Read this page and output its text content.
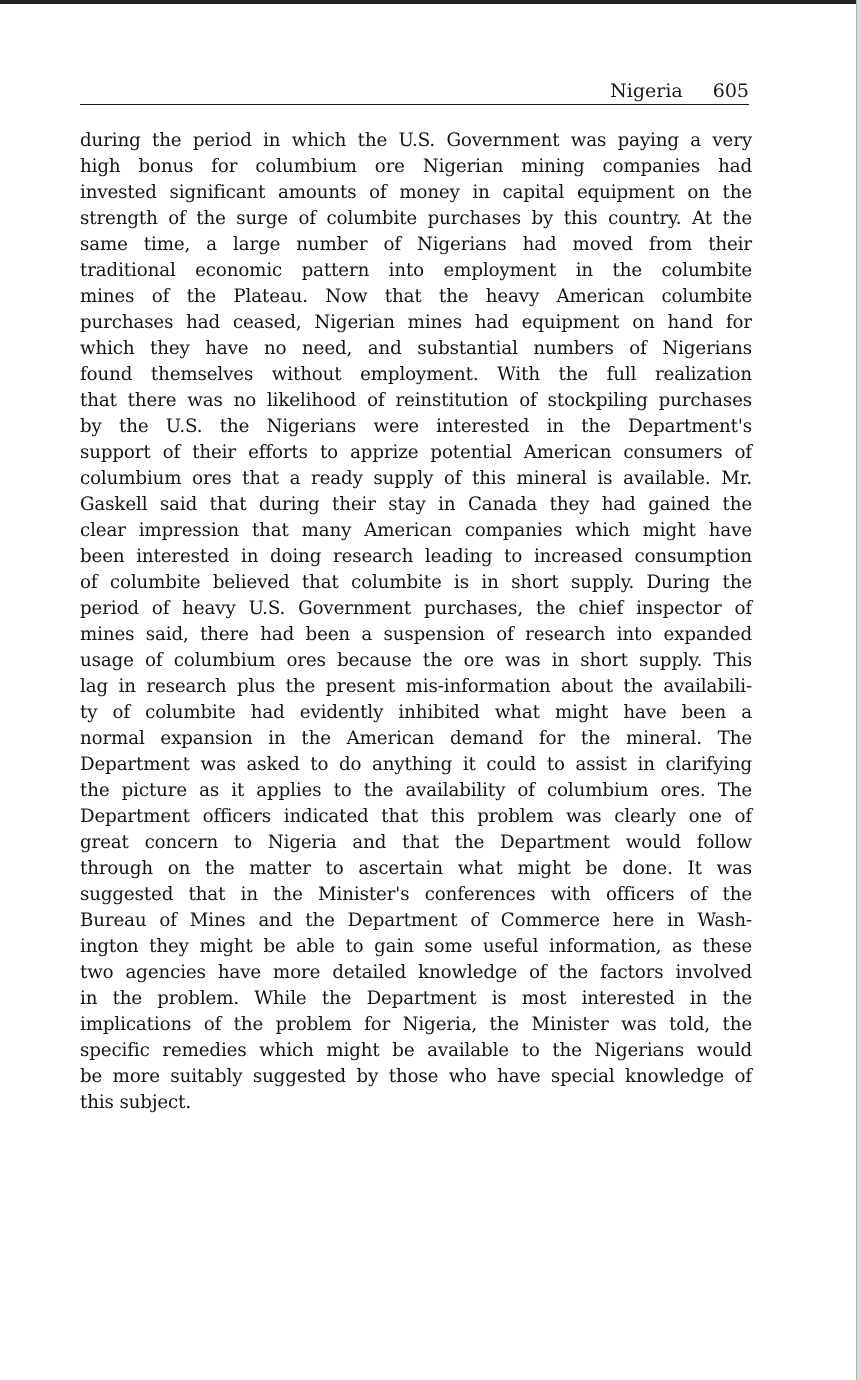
Nigeria 605
during the period in which the U.S. Government was paying a very
high bonus for columbium ore Nigerian mining companies had
invested significant amounts of money in capital equipment on the
strength of the surge of columbite purchases by this country. At the
same time, a large number of Nigerians had moved from their
traditional economic pattern into employment in the columbite
mines of the Plateau. Now that the heavy American columbite
purchases had ceased, Nigerian mines had equipment on hand for
which they have no need, and substantial numbers of Nigerians
found themselves without employment. With the full realization
that there was no likelihood of reinstitution of stockpiling purchases
by the U.S. the Nigerians were interested in the Department's
support of their efforts to apprize potential American consumers of
columbium ores that a ready supply of this mineral is available. Mr.
Gaskell said that during their stay in Canada they had gained the
clear impression that many American companies which might have
been interested in doing research leading to increased consumption
of columbite believed that columbite is in short supply. During the
period of heavy U.S. Government purchases, the chief inspector of
mines said, there had been a suspension of research into expanded
usage of columbium ores because the ore was in short supply. This
lag in research plus the present mis-information about the availabili-
ty of columbite had evidently inhibited what might have been a
normal expansion in the American demand for the mineral. The
Department was asked to do anything it could to assist in clarifying
the picture as it applies to the availability of columbium ores. The
Department officers indicated that this problem was clearly one of
great concern to Nigeria and that the Department would follow
through on the matter to ascertain what might be done. It was
suggested that in the Minister's conferences with officers of the
Bureau of Mines and the Department of Commerce here in Wash-
ington they might be able to gain some useful information, as these
two agencies have more detailed knowledge of the factors involved
in the problem. While the Department is most interested in the
implications of the problem for Nigeria, the Minister was told, the
specific remedies which might be available to the Nigerians would
be more suitably suggested by those who have special knowledge of
this subject.
